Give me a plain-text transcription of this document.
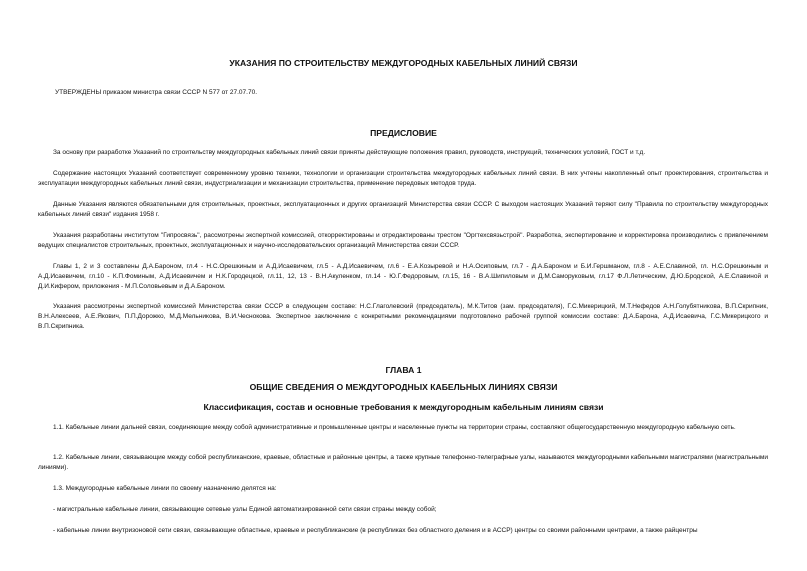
УКАЗАНИЯ ПО СТРОИТЕЛЬСТВУ МЕЖДУГОРОДНЫХ КАБЕЛЬНЫХ ЛИНИЙ СВЯЗИ
УТВЕРЖДЕНЫ приказом министра связи СССР N 577 от 27.07.70.
ПРЕДИСЛОВИЕ
За основу при разработке Указаний по строительству междугородных кабельных линий связи приняты действующие положения правил, руководств, инструкций, технических условий, ГОСТ и т.д.
Содержание настоящих Указаний соответствует современному уровню техники, технологии и организации строительства междугородных кабельных линий связи. В них учтены накопленный опыт проектирования, строительства и эксплуатации междугородных кабельных линий связи, индустриализации и механизации строительства, применение передовых методов труда.
Данные Указания являются обязательными для строительных, проектных, эксплуатационных и других организаций Министерства связи СССР. С выходом настоящих Указаний теряют силу "Правила по строительству междугородных кабельных линий связи" издания 1958 г.
Указания разработаны институтом "Гипросвязь", рассмотрены экспертной комиссией, откорректированы и отредактированы трестом "Оргтехсвязьстрой". Разработка, экспертирование и корректировка производились с привлечением ведущих специалистов строительных, проектных, эксплуатационных и научно-исследовательских организаций Министерства связи СССР.
Главы 1, 2 и 3 составлены Д.А.Бароном, гл.4 - Н.С.Орешкиным и А.Д.Исаевичем, гл.5 - А.Д.Исаевичем, гл.6 - Е.А.Козыревой и Н.А.Осиповым, гл.7 - Д.А.Бароном и Б.И.Гершманом, гл.8 - А.Е.Славиной, гл. Н.С.Орешкиным и А.Д.Исаевичем, гл.10 - К.П.Фоминым, А.Д.Исаевичем и Н.К.Городецкой, гл.11, 12, 13 - В.Н.Акуленком, гл.14 - Ю.Г.Федоровым, гл.15, 16 - В.А.Шипиловым и Д.М.Саморуковым, гл.17 Ф.Л.Летическим, Д.Ю.Бродской, А.Е.Славиной и Д.И.Кифером, приложения - М.П.Соловьевым и Д.А.Бароном.
Указания рассмотрены экспертной комиссией Министерства связи СССР в следующем составе: Н.С.Глаголевский (председатель), М.К.Титов (зам. председателя), Г.С.Микерицкий, М.Т.Нефедов А.Н.Голубятникова, В.П.Скрипник, В.Н.Алексеев, А.Е.Якович, П.П.Дорожко, М.Д.Мельникова, В.И.Чеснокова. Экспертное заключение с конкретными рекомендациями подготовлено рабочей группой комиссии составе: Д.А.Барона, А.Д.Исаевича, Г.С.Микерицкого и В.П.Скрипника.
ГЛАВА 1
ОБЩИЕ СВЕДЕНИЯ О МЕЖДУГОРОДНЫХ КАБЕЛЬНЫХ ЛИНИЯХ СВЯЗИ
Классификация, состав и основные требования к междугородным кабельным линиям связи
1.1. Кабельные линии дальней связи, соединяющие между собой административные и промышленные центры и населенные пункты на территории страны, составляют общегосударственную междугородную кабельную сеть.
1.2. Кабельные линии, связывающие между собой республиканские, краевые, областные и районные центры, а также крупные телефонно-телеграфные узлы, называются междугородными кабельными магистралями (магистральными линиями).
1.3. Междугородные кабельные линии по своему назначению делятся на:
- магистральные кабельные линии, связывающие сетевые узлы Единой автоматизированной сети связи страны между собой;
- кабельные линии внутризоновой сети связи, связывающие областные, краевые и республиканские (в республиках без областного деления и в АССР) центры со своими районными центрами, а также райцентры
